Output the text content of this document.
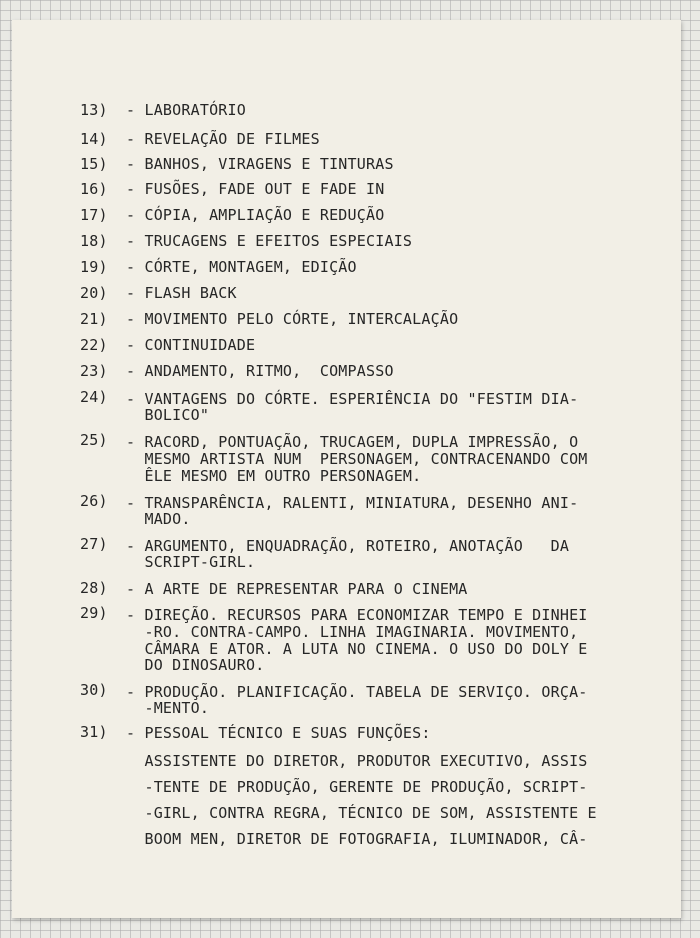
13) - LABORATÓRIO
14) - REVELAÇÃO DE FILMES
15) - BANHOS, VIRAGENS E TINTURAS
16) - FUSÕES, FADE OUT E FADE IN
17) - CÓPIA, AMPLIAÇÃO E REDUÇÃO
18) - TRUCAGENS E EFEITOS ESPECIAIS
19) - CÓRTE, MONTAGEM, EDIÇÃO
20) - FLASH BACK
21) - MOVIMENTO PELO CÓRTE, INTERCALAÇÃO
22) - CONTINUIDADE
23) - ANDAMENTO, RITMO,  COMPASSO
24) - VANTAGENS DO CÓRTE. ESPERIÊNCIA DO "FESTIM DIA-
BOLICO"
25) - RACORD, PONTUAÇÃO, TRUCAGEM, DUPLA IMPRESSÃO, O
MESMO ARTISTA NUM  PERSONAGEM, CONTRACENANDO COM
ÊLE MESMO EM OUTRO PERSONAGEM.
26) - TRANSPARÊNCIA, RALENTI, MINIATURA, DESENHO ANI-
MADO.
27) - ARGUMENTO, ENQUADRAÇÃO, ROTEIRO, ANOTAÇÃO   DA
SCRIPT-GIRL.
28) - A ARTE DE REPRESENTAR PARA O CINEMA
29) - DIREÇÃO. RECURSOS PARA ECONOMIZAR TEMPO E DINHEI
-RO. CONTRA-CAMPO. LINHA IMAGINARIA. MOVIMENTO,
CÂMARA E ATOR. A LUTA NO CINEMA. O USO DO DOLY E
DO DINOSAURO.
30) - PRODUÇÃO. PLANIFICAÇÃO. TABELA DE SERVIÇO. ORÇA-
-MENTO.
31) - PESSOAL TÉCNICO E SUAS FUNÇÕES:
ASSISTENTE DO DIRETOR, PRODUTOR EXECUTIVO, ASSIS
-TENTE DE PRODUÇÃO, GERENTE DE PRODUÇÃO, SCRIPT-
-GIRL, CONTRA REGRA, TÉCNICO DE SOM, ASSISTENTE E
BOOM MEN, DIRETOR DE FOTOGRAFIA, ILUMINADOR, CÂ-
